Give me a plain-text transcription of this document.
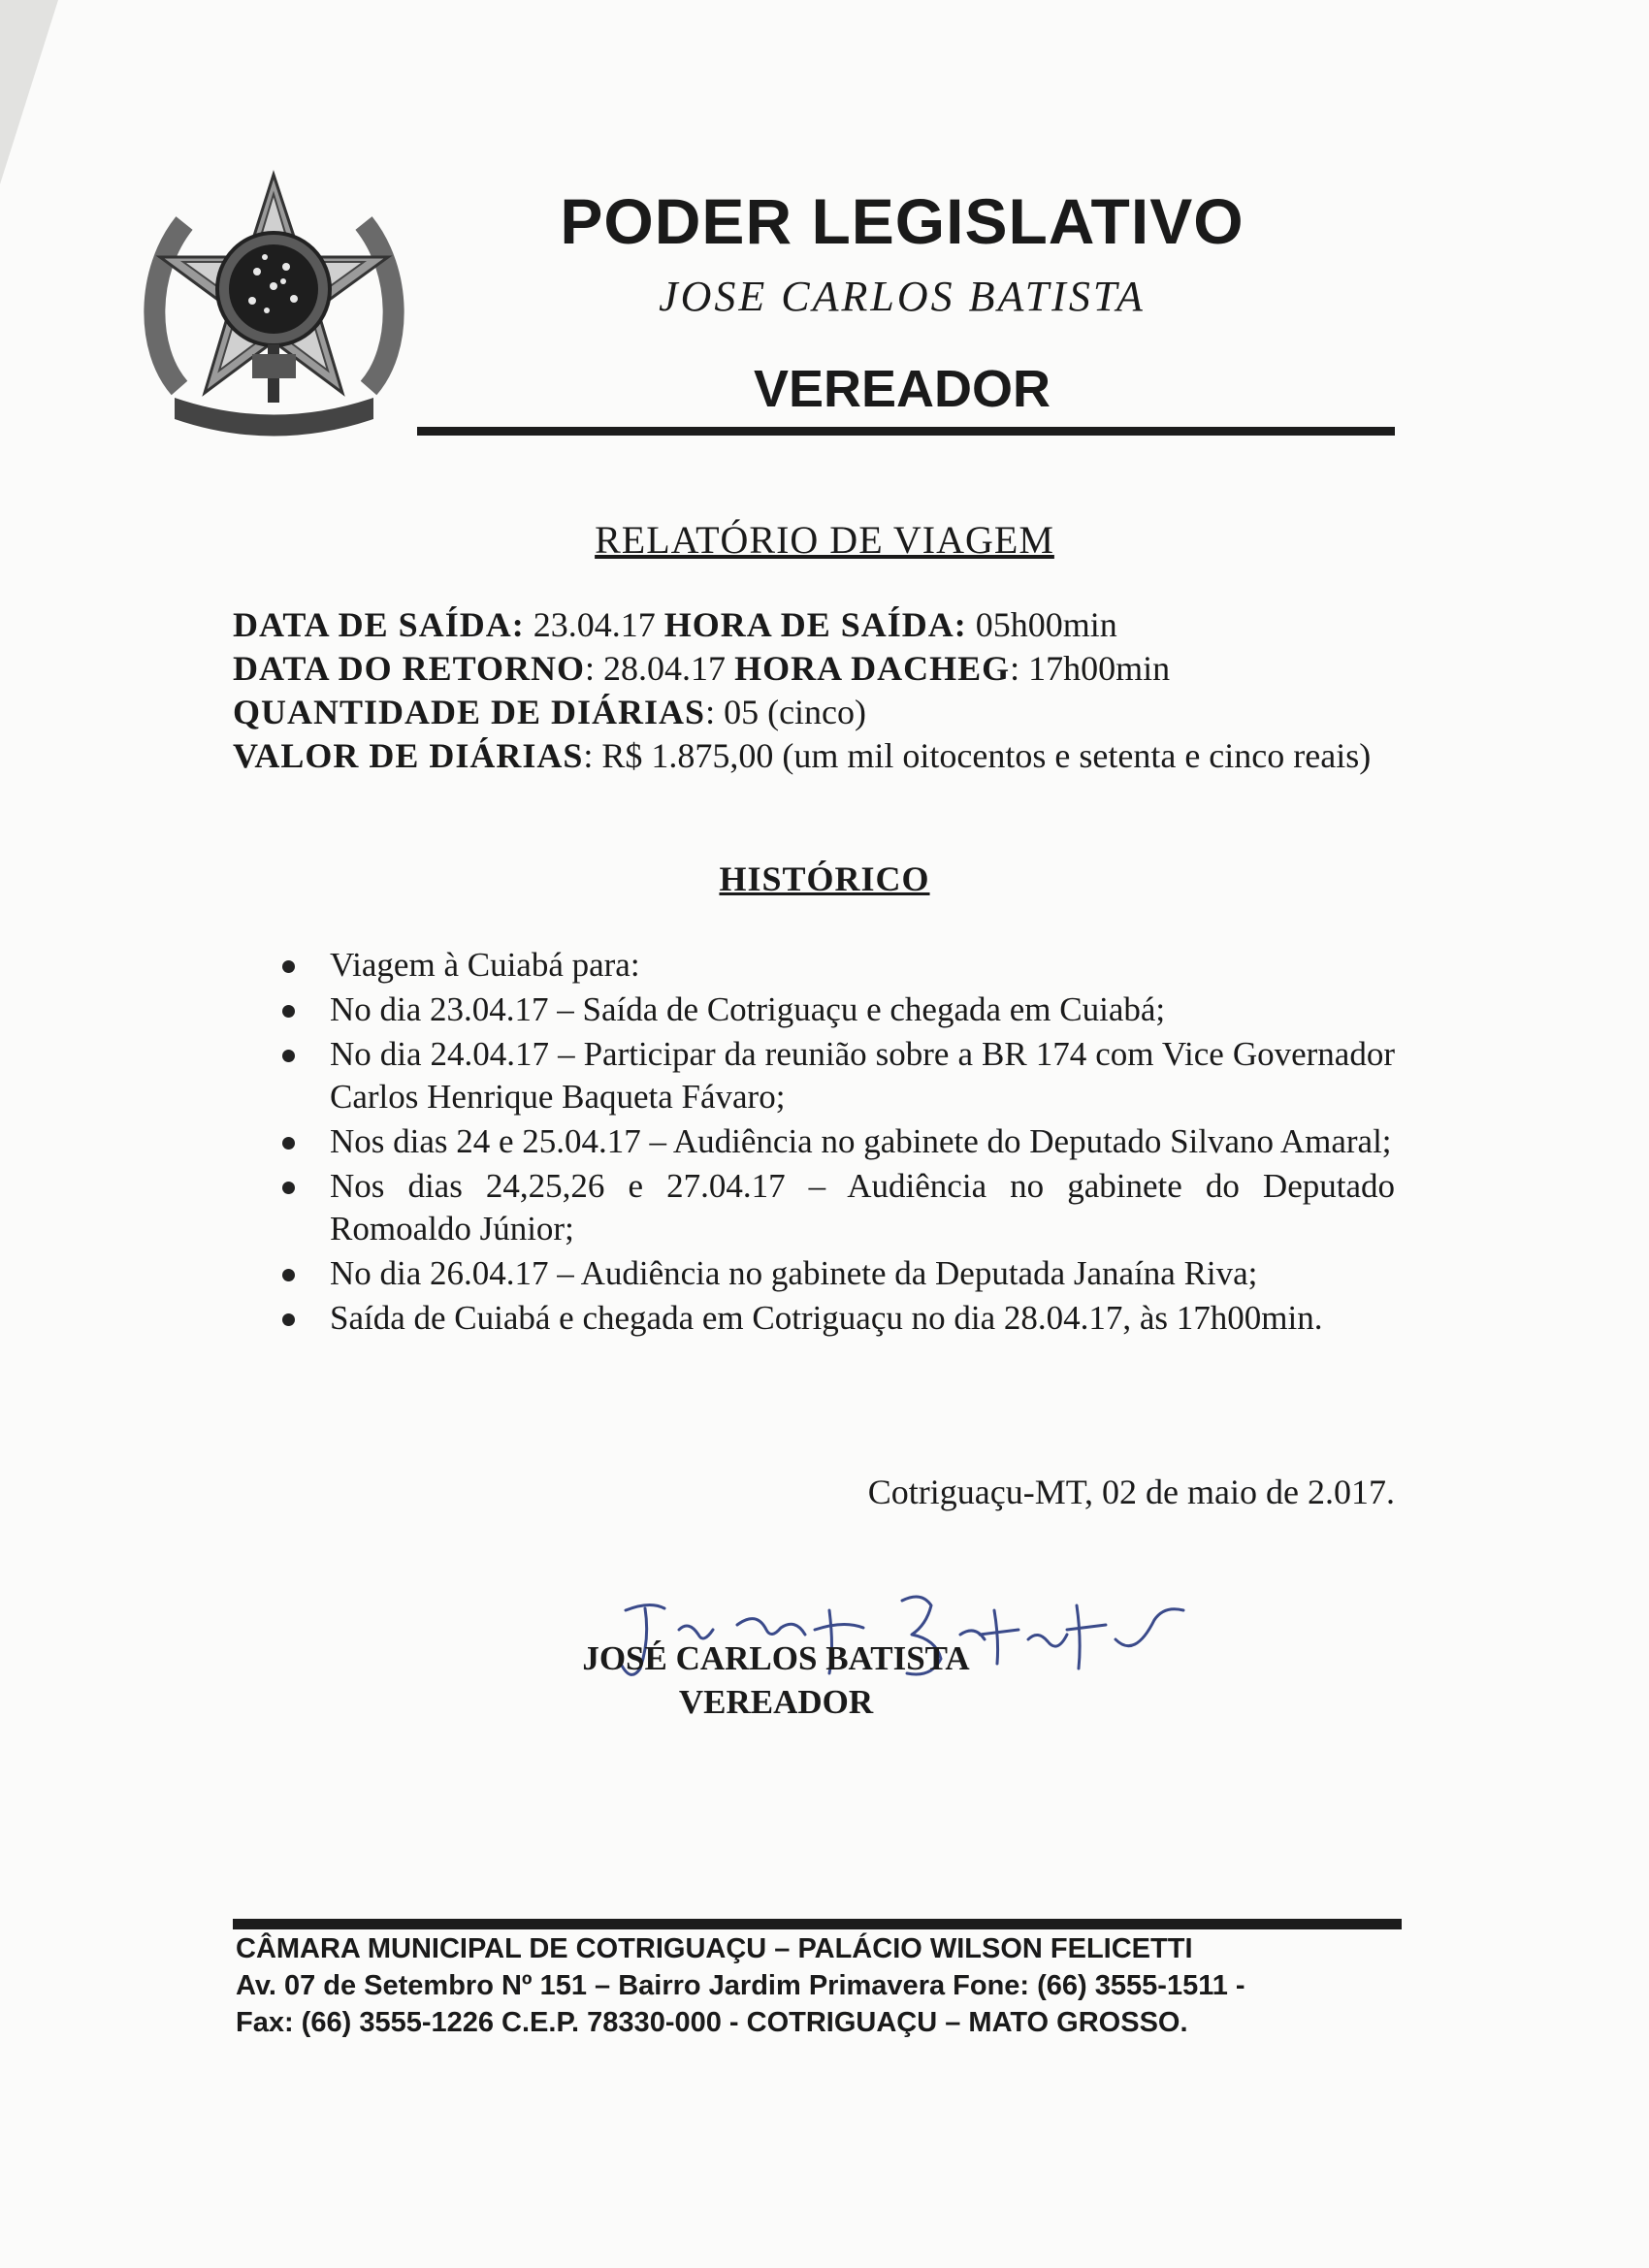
PODER LEGISLATIVO
JOSE CARLOS BATISTA
VEREADOR
RELATÓRIO DE VIAGEM
DATA DE SAÍDA: 23.04.17 HORA DE SAÍDA: 05h00min
DATA DO RETORNO: 28.04.17 HORA DACHEG: 17h00min
QUANTIDADE DE DIÁRIAS: 05 (cinco)
VALOR DE DIÁRIAS: R$ 1.875,00 (um mil oitocentos e setenta e cinco reais)
HISTÓRICO
Viagem à Cuiabá para:
No dia 23.04.17 – Saída de Cotriguaçu e chegada em Cuiabá;
No dia 24.04.17 – Participar da reunião sobre a BR 174 com Vice Governador Carlos Henrique Baqueta Fávaro;
Nos dias 24 e 25.04.17 – Audiência no gabinete do Deputado Silvano Amaral;
Nos dias 24,25,26 e 27.04.17 – Audiência no gabinete do Deputado Romoaldo Júnior;
No dia 26.04.17 – Audiência no gabinete da Deputada Janaína Riva;
Saída de Cuiabá e chegada em Cotriguaçu no dia 28.04.17, às 17h00min.
Cotriguaçu-MT, 02 de maio de 2.017.
JOSÉ CARLOS BATISTA
VEREADOR
CÂMARA MUNICIPAL DE COTRIGUAÇU – PALÁCIO WILSON FELICETTI
Av. 07 de Setembro Nº 151 – Bairro Jardim Primavera Fone: (66) 3555-1511 -
Fax: (66) 3555-1226 C.E.P. 78330-000 - COTRIGUAÇU – MATO GROSSO.
